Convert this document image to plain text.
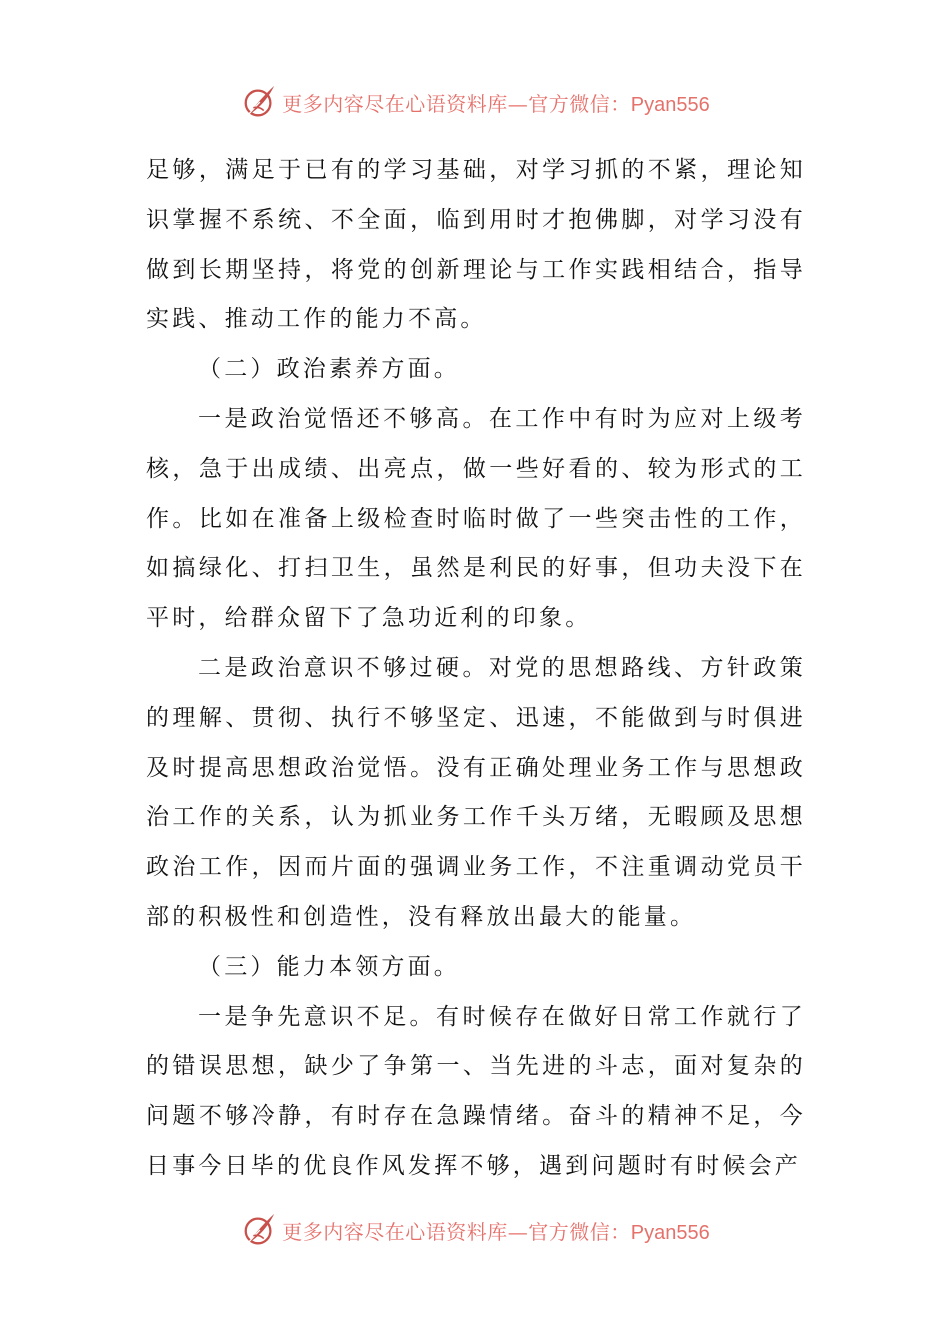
更多内容尽在心语资料库—官方微信：Pyan556

足够，满足于已有的学习基础，对学习抓的不紧，理论知识掌握不系统、不全面，临到用时才抱佛脚，对学习没有做到长期坚持，将党的创新理论与工作实践相结合，指导实践、推动工作的能力不高。

（二）政治素养方面。

一是政治觉悟还不够高。在工作中有时为应对上级考核，急于出成绩、出亮点，做一些好看的、较为形式的工作。比如在准备上级检查时临时做了一些突击性的工作，如搞绿化、打扫卫生，虽然是利民的好事，但功夫没下在平时，给群众留下了急功近利的印象。

二是政治意识不够过硬。对党的思想路线、方针政策的理解、贯彻、执行不够坚定、迅速，不能做到与时俱进及时提高思想政治觉悟。没有正确处理业务工作与思想政治工作的关系，认为抓业务工作千头万绪，无暇顾及思想政治工作，因而片面的强调业务工作，不注重调动党员干部的积极性和创造性，没有释放出最大的能量。

（三）能力本领方面。

一是争先意识不足。有时候存在做好日常工作就行了的错误思想，缺少了争第一、当先进的斗志，面对复杂的问题不够冷静，有时存在急躁情绪。奋斗的精神不足，今日事今日毕的优良作风发挥不够，遇到问题时有时候会产

更多内容尽在心语资料库—官方微信：Pyan556
